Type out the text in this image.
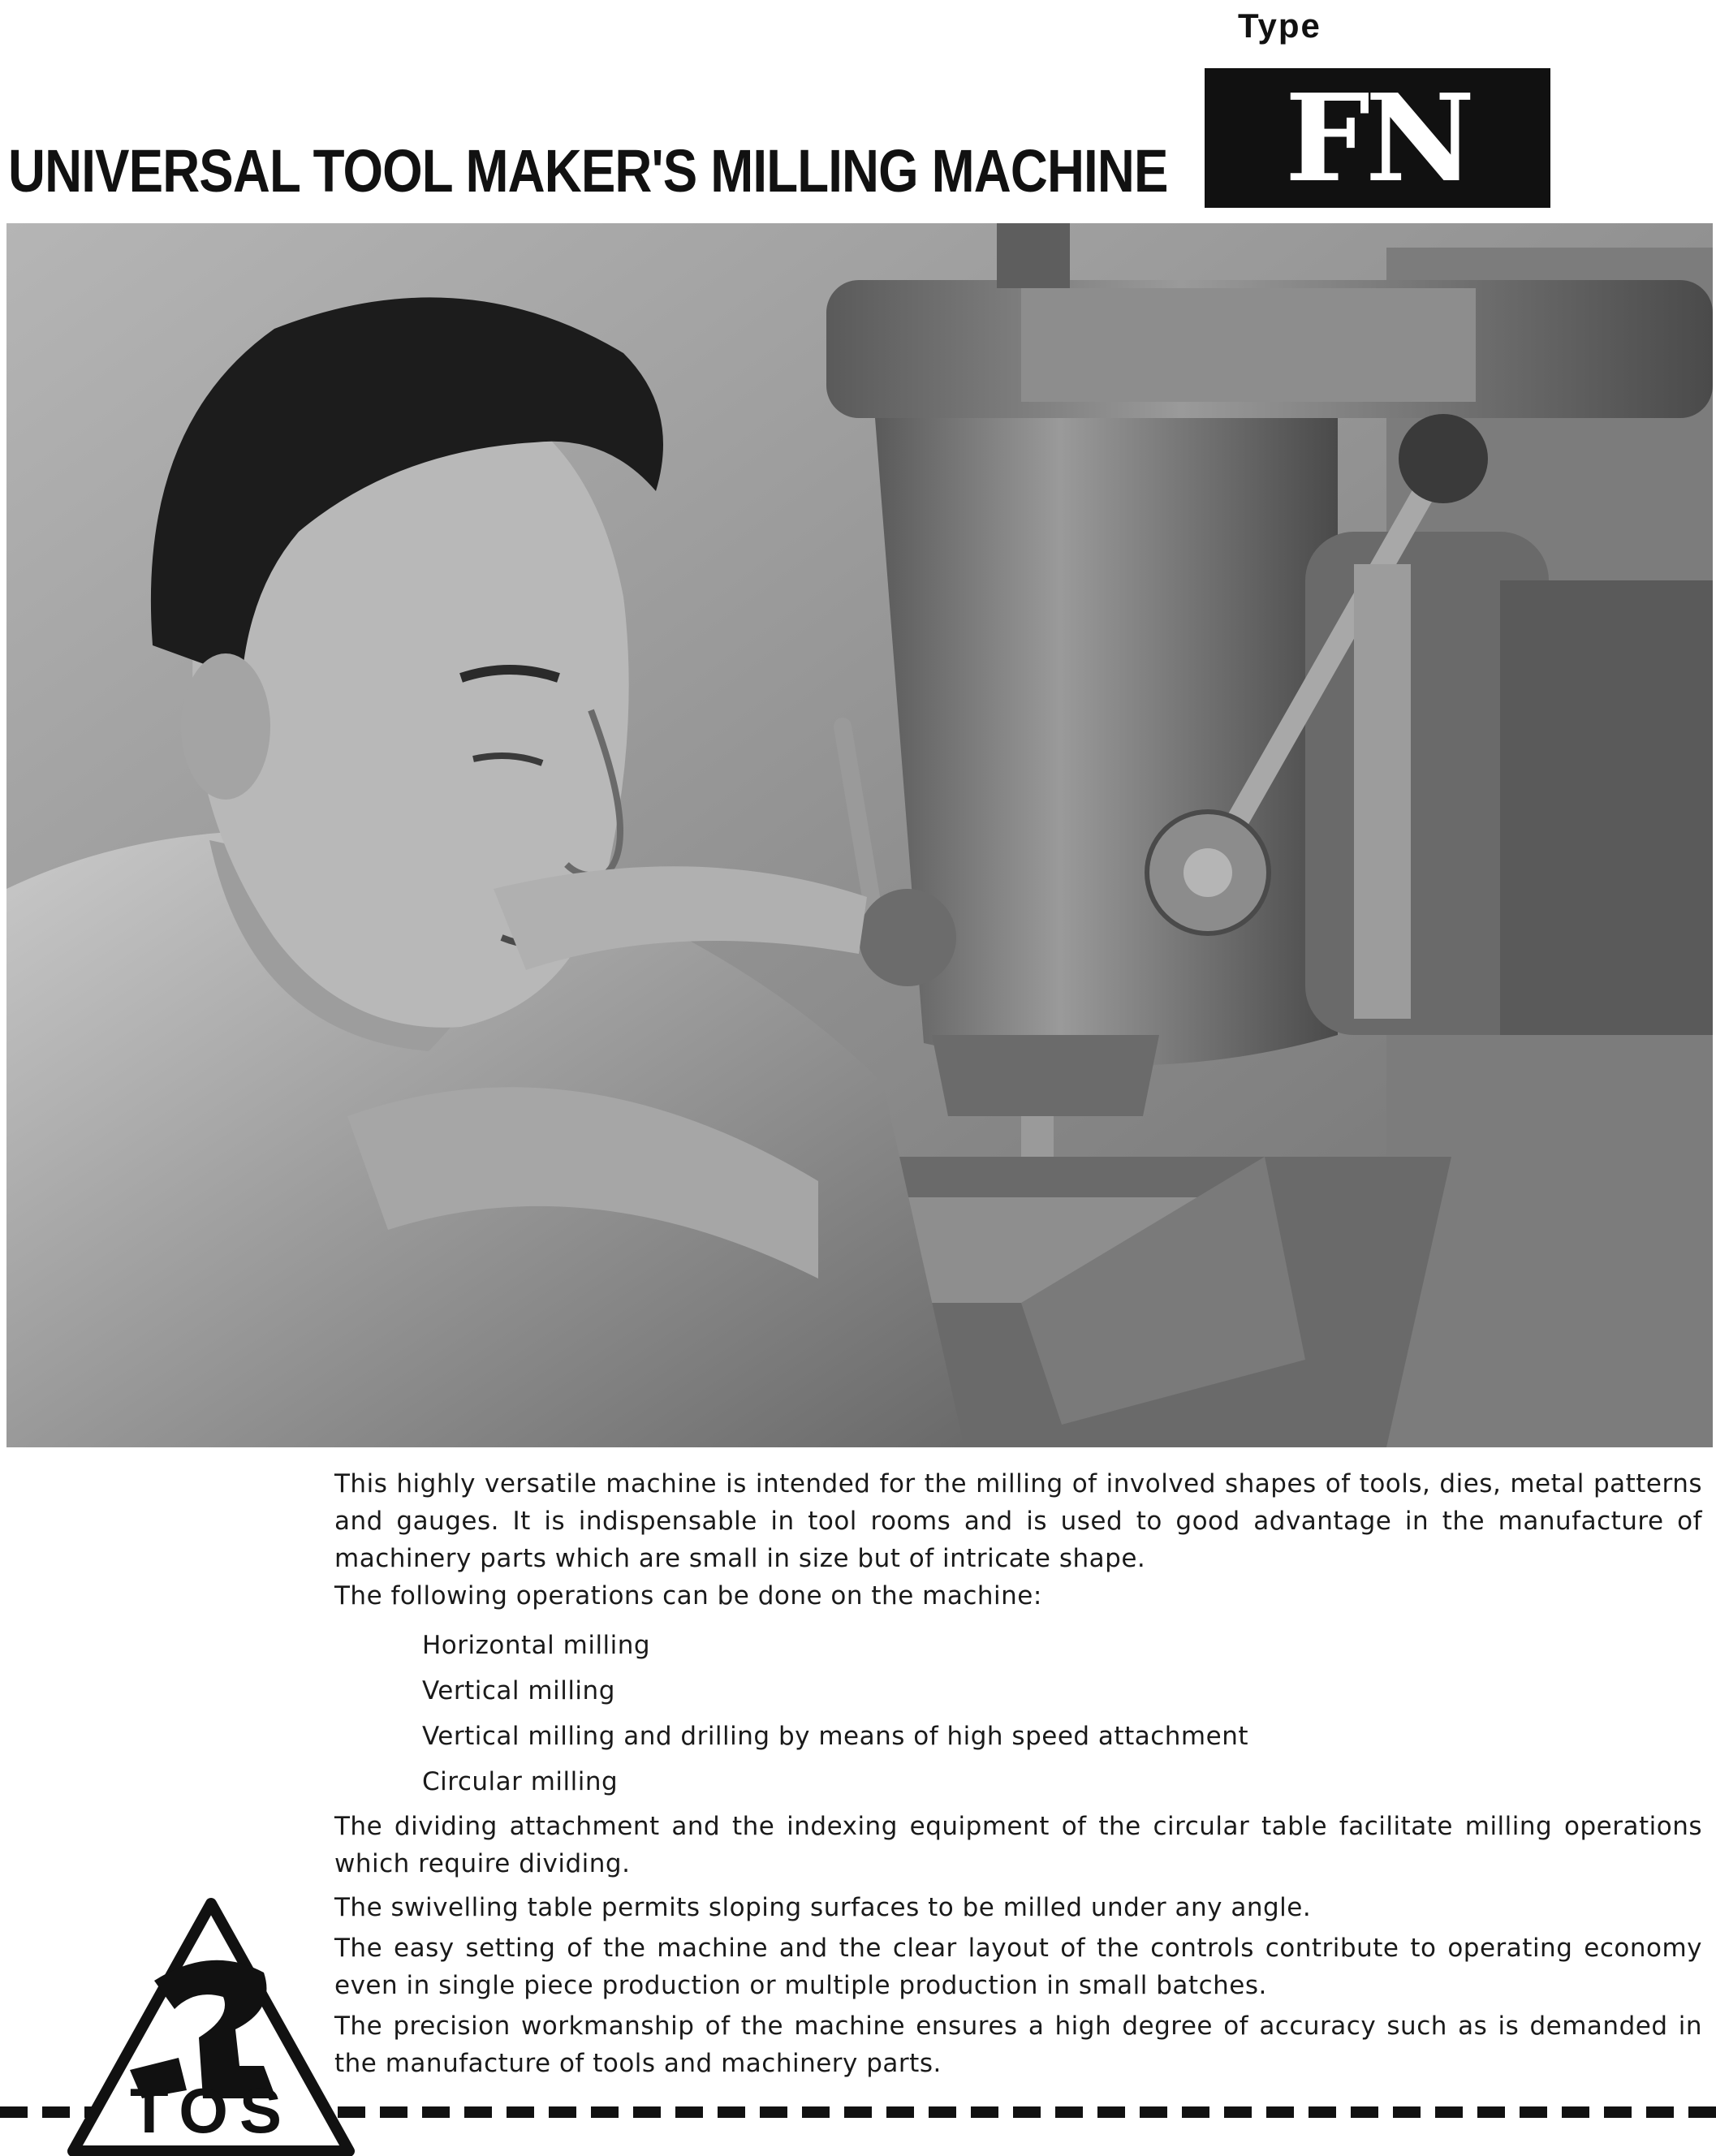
Type
FN
UNIVERSAL TOOL MAKER'S MILLING MACHINE

This highly versatile machine is intended for the milling of involved shapes of tools, dies, metal patterns and gauges. It is indispensable in tool rooms and is used to good advantage in the manufacture of machinery parts which are small in size but of intricate shape.

The following operations can be done on the machine:

Horizontal milling
Vertical milling
Vertical milling and drilling by means of high speed attachment
Circular milling

The dividing attachment and the indexing equipment of the circular table facilitate milling operations which require dividing.

The swivelling table permits sloping surfaces to be milled under any angle.

The easy setting of the machine and the clear layout of the controls contribute to operating economy even in single piece production or multiple production in small batches.

The precision workmanship of the machine ensures a high degree of accuracy such as is demanded in the manufacture of tools and machinery parts.

TOS
